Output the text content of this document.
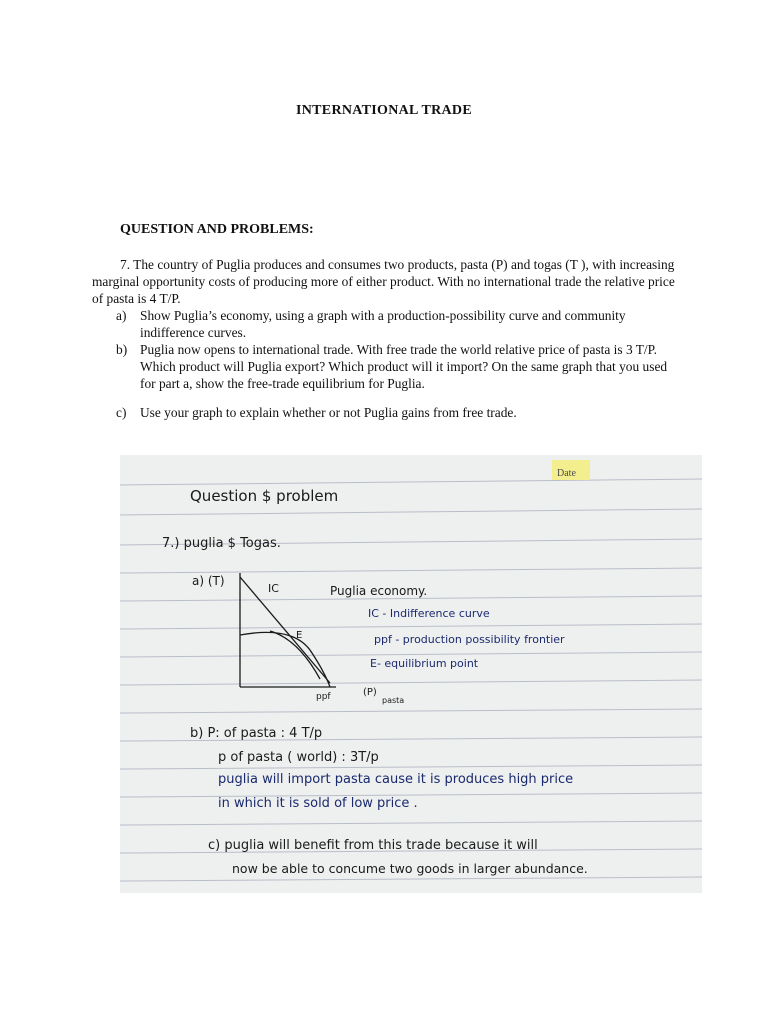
INTERNATIONAL TRADE
QUESTION AND PROBLEMS:

7. The country of Puglia produces and consumes two products, pasta (P) and togas (T ), with increasing marginal opportunity costs of producing more of either product. With no international trade the relative price of pasta is 4 T/P.

a)	Show Puglia’s economy, using a graph with a production-possibility curve and community indifference curves.
b) Puglia now opens to international trade. With free trade the world relative price of pasta is 3 T/P. Which product will Puglia export? Which product will it import? On the same graph that you used for part a, show the free-trade equilibrium for Puglia.
c)	Use your graph to explain whether or not Puglia gains from free trade.
Date
Question $ problem
7.) puglia $ Togas.
a) (T)
IC
E
ppf	(P)
pasta
Puglia economy.
IC - Indifference curve
ppf - production possibility frontier
E- equilibrium point
b) P: of pasta : 4 T/p
p of pasta ( world) : 3T/p
puglia will import pasta cause it is produces high price
in which it is sold of low price .
c) puglia will benefit from this trade because it will
now be able to concume two goods in larger abundance.
